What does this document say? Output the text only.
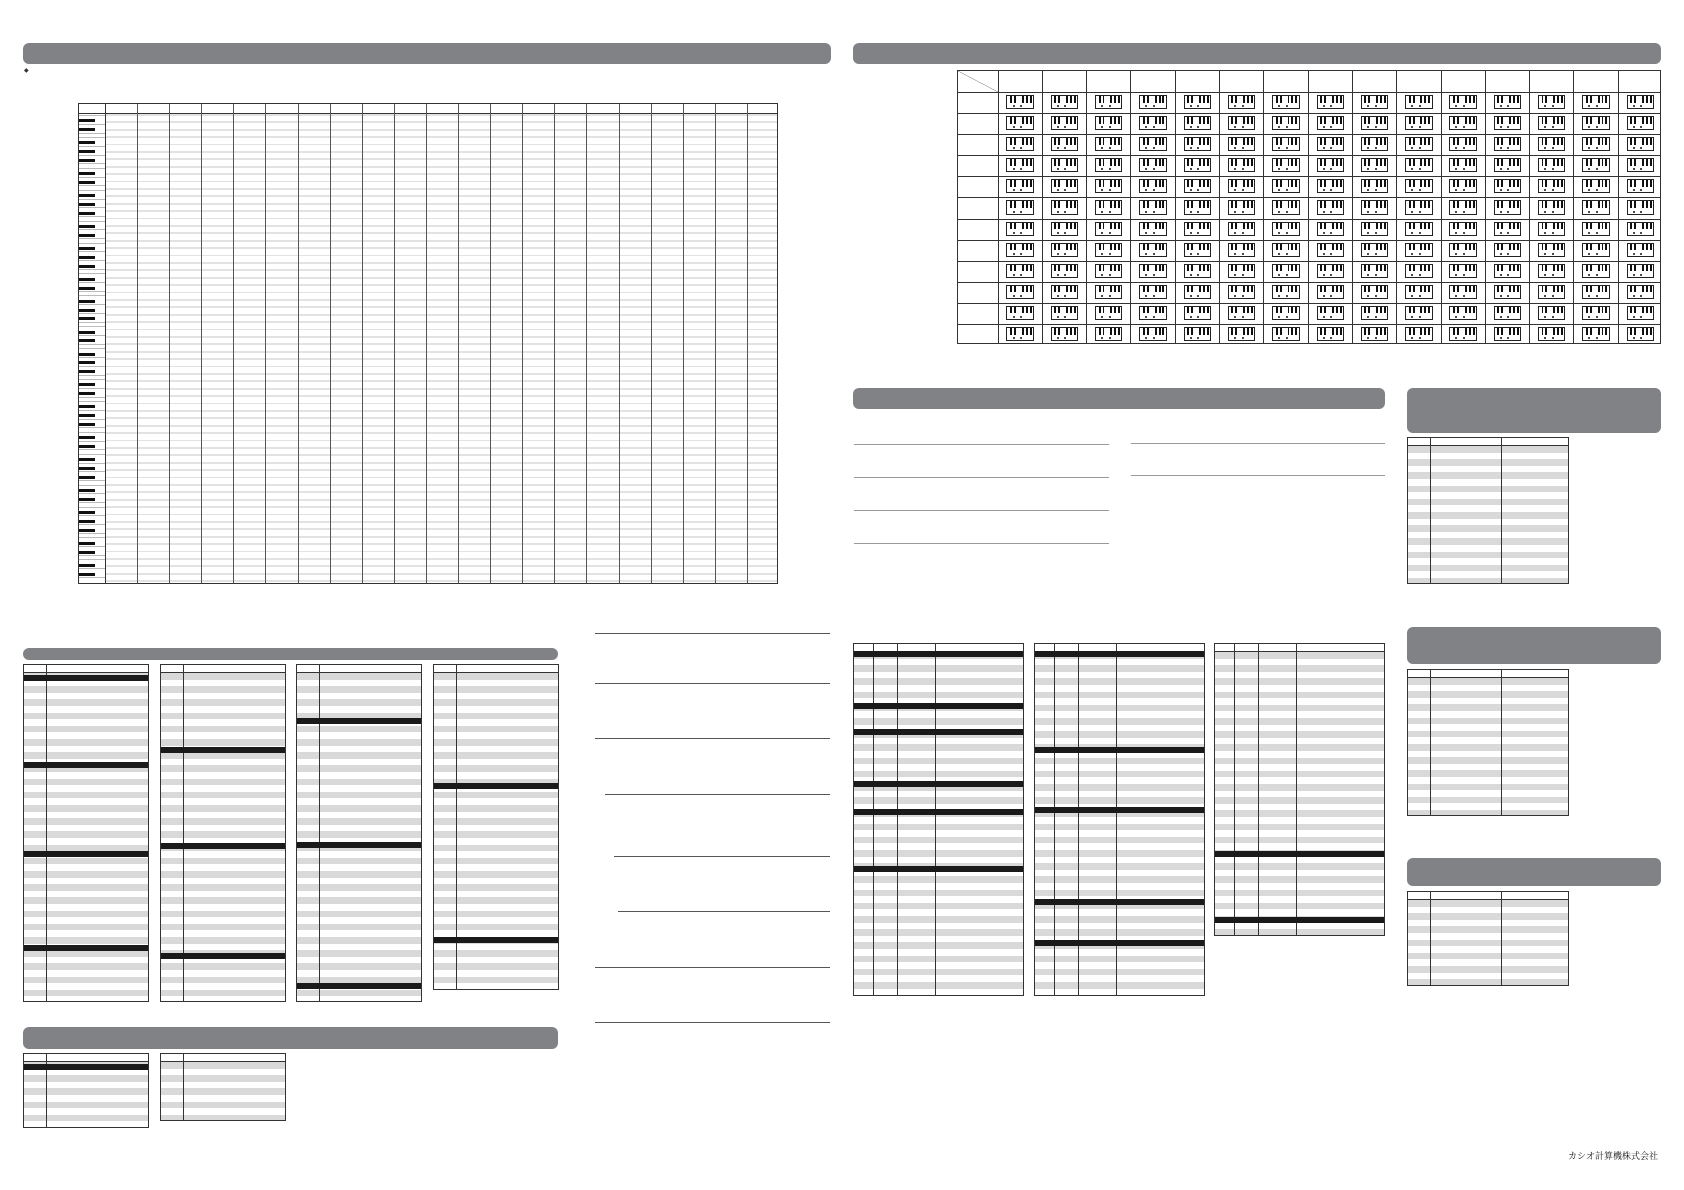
◆
カシオ計算機株式会社
